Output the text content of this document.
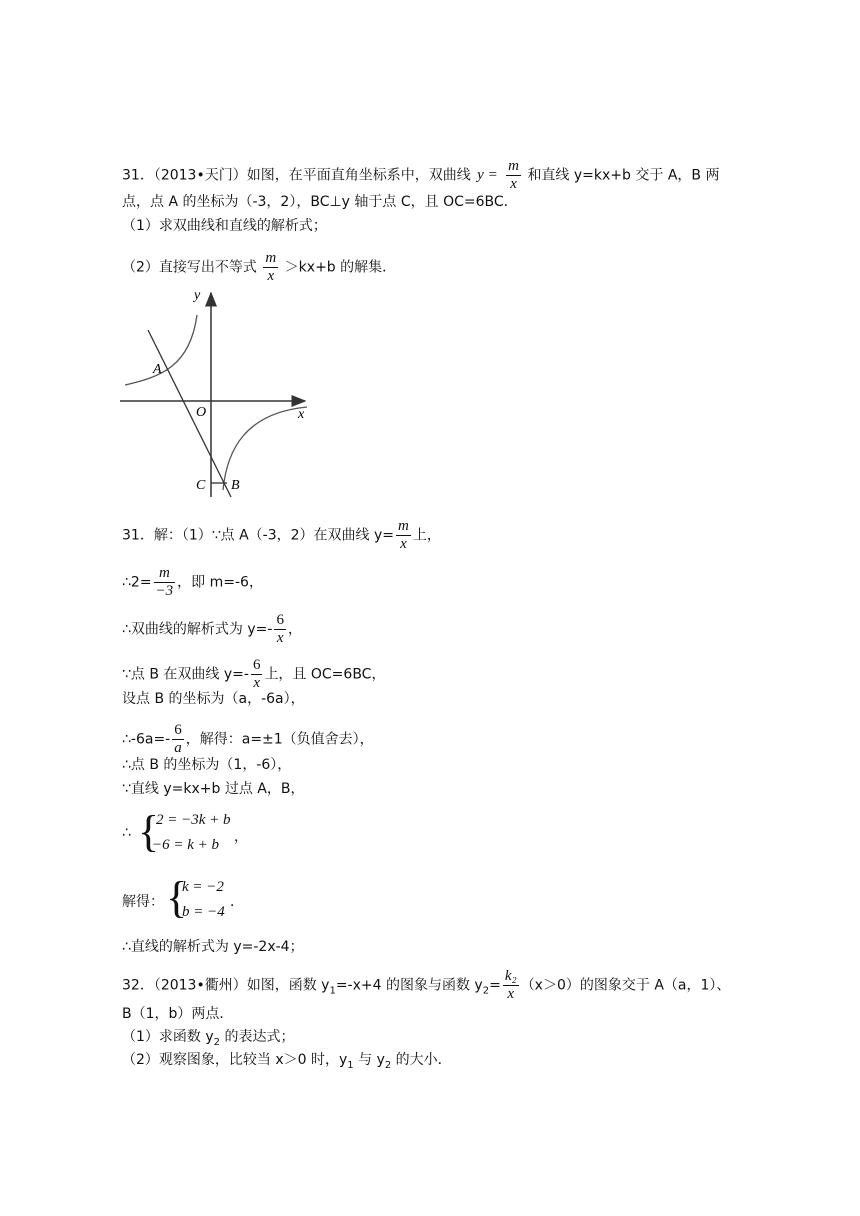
31．（2013•天门）如图，在平面直角坐标系中，双曲线 $y = \frac{m}{x}$ 和直线 y=kx+b 交于 A，B 两
点，点 A 的坐标为（-3，2），BC⊥y 轴于点 C，且 OC=6BC．
（1）求双曲线和直线的解析式；
（2）直接写出不等式 $\frac{m}{x} >kx+b$ 的解集．
y
x
O
A
B
C
31．解：（1）∵点 A（-3，2）在双曲线 $y= \frac{m}{x}$ 上，
∴2= $\frac{m}{-3}$ ，即 m=-6，
∴双曲线的解析式为 $y=- \frac{6}{x}$ ，
∵点 B 在双曲线 $y=- \frac{6}{x}$ 上，且 OC=6BC，
设点 B 的坐标为（a，-6a），
∴-6a=- $\frac{6}{a}$ ，解得：a=±1（负值舍去），
∴点 B 的坐标为（1，-6），
∵直线 y=kx+b 过点 A，B，
∴ {
2 = −3k + b
−6 = k + b ，
解得： {
k = −2
b = −4
．
∴直线的解析式为 y=-2x-4；
32．（2013•衢州）如图，函数 $y_1=-x+4$ 的图象与函数 $y_2= \frac{\text{k₂}}{x} (x>0)$的图象交于 A（a，1）、
B（1，b）两点．
（1）求函数 $y_2$ 的表达式；
（2）观察图象，比较当 x＞0 时，$y_1$ 与 $y_2$ 的大小．
